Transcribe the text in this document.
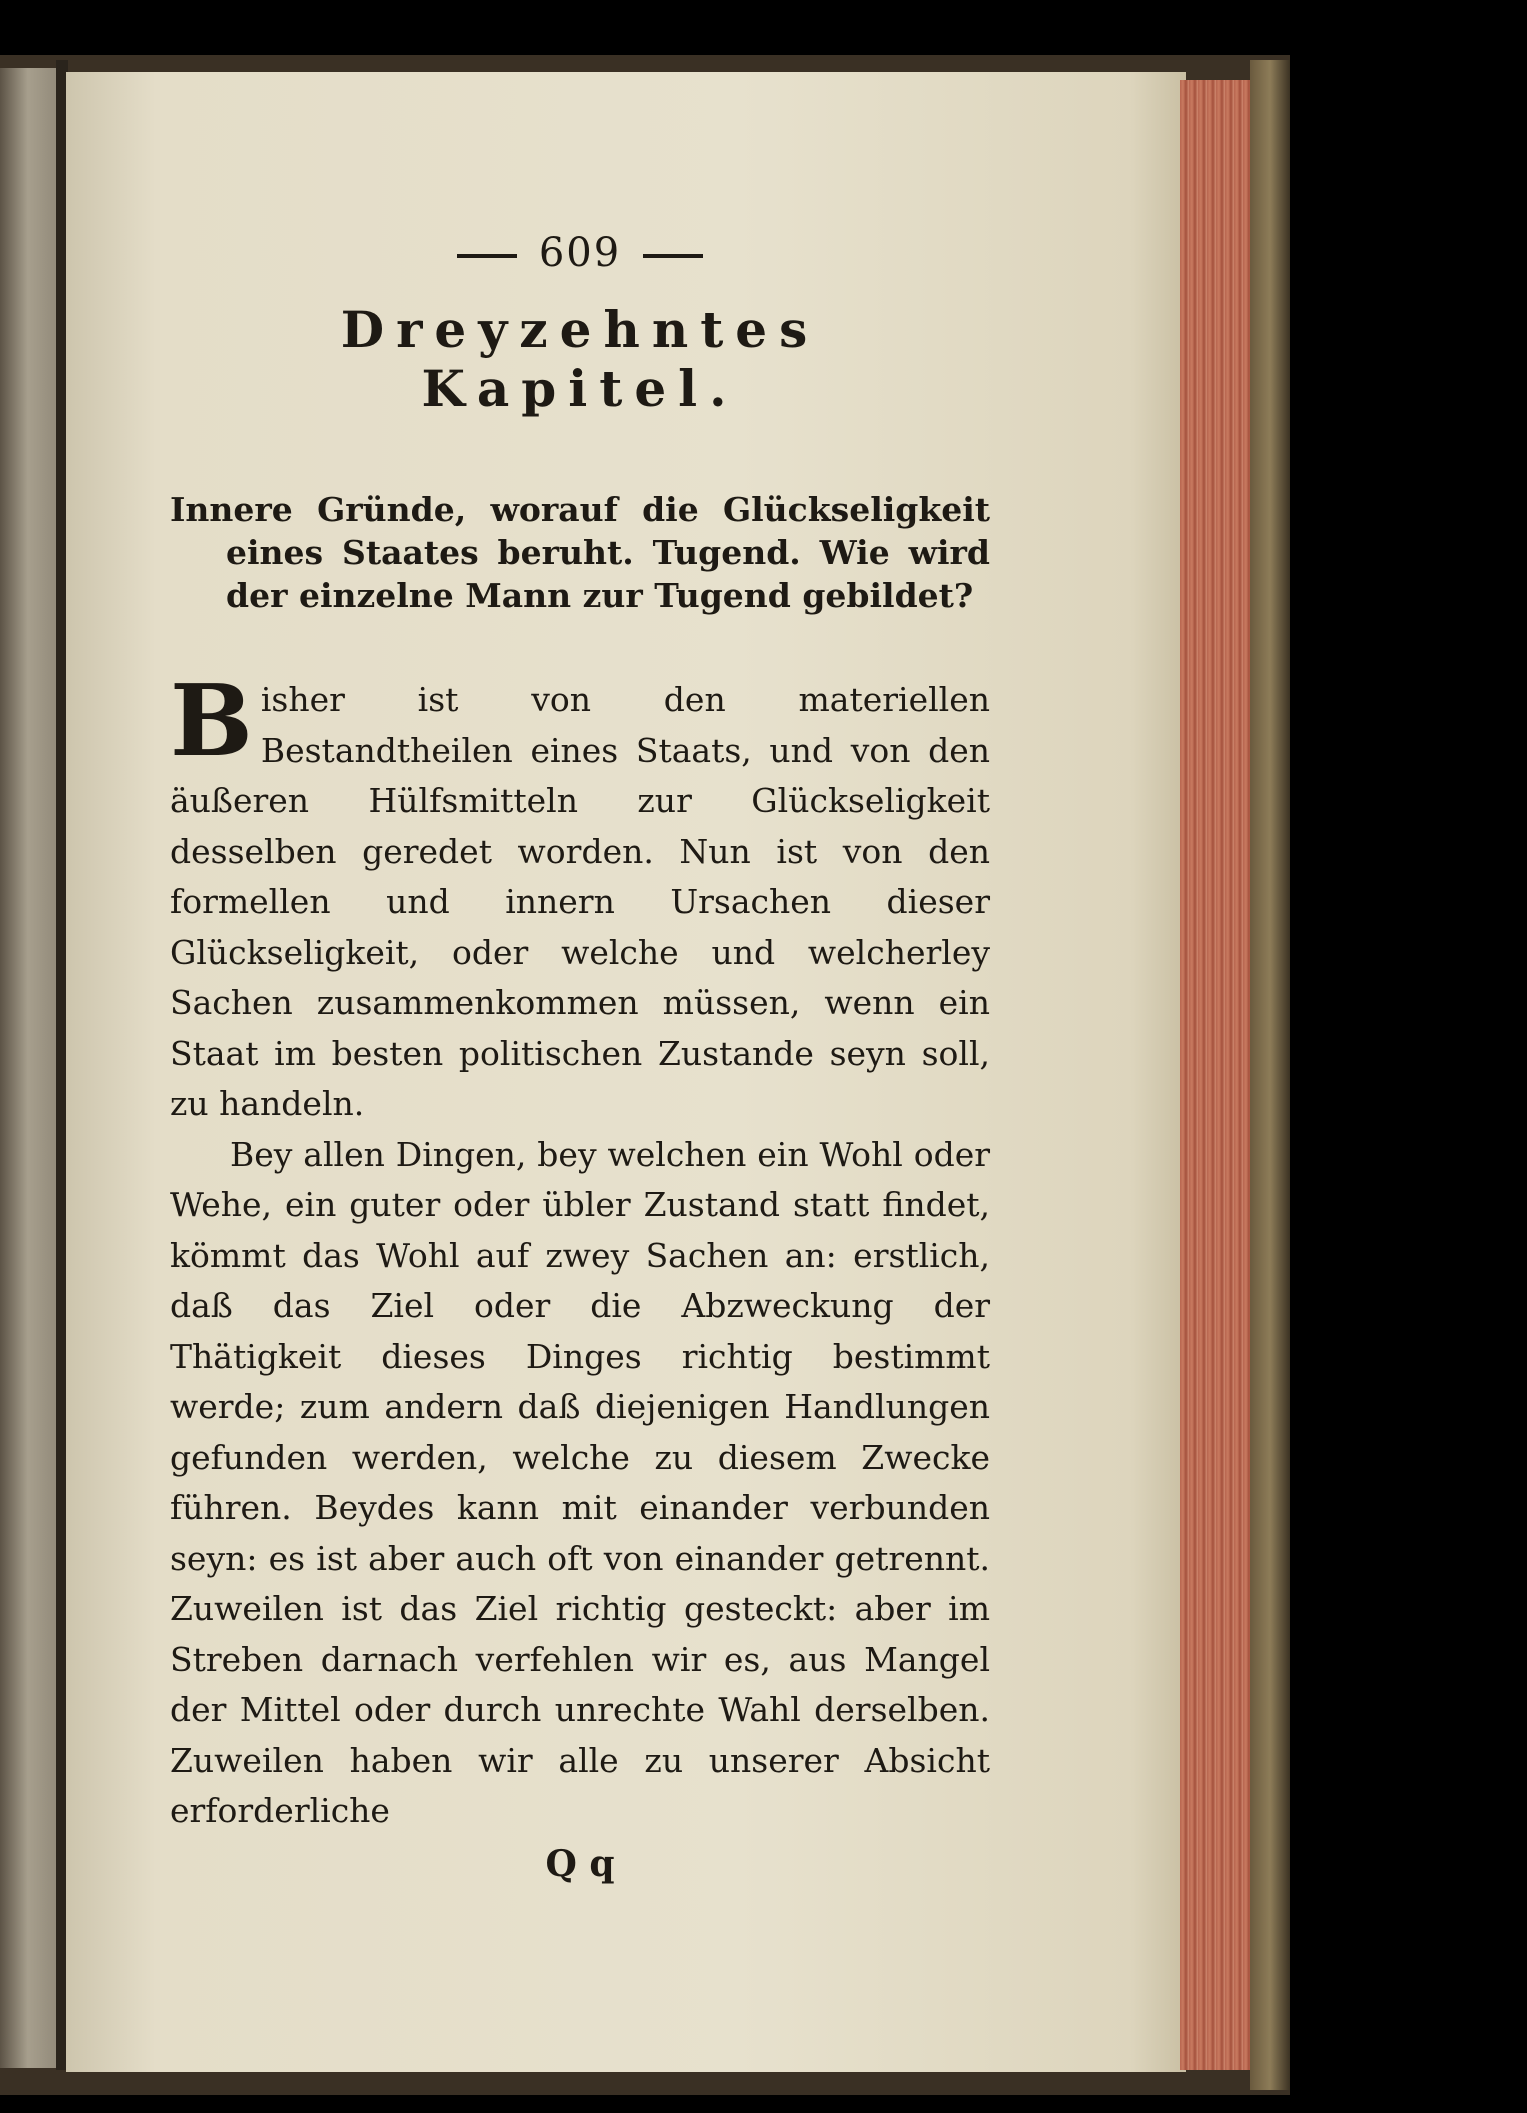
609
Dreyzehntes Kapitel.
Innere Gründe, worauf die Glückseligkeit eines Staates beruht. Tugend. Wie wird der einzelne Mann zur Tugend gebildet?
Bisher ist von den materiellen Bestandtheilen eines Staats, und von den äußeren Hülfsmitteln zur Glückseligkeit desselben geredet worden. Nun ist von den formellen und innern Ursachen dieser Glückseligkeit, oder welche und welcherley Sachen zusammenkommen müssen, wenn ein Staat im besten politischen Zustande seyn soll, zu handeln.
Bey allen Dingen, bey welchen ein Wohl oder Wehe, ein guter oder übler Zustand statt findet, kömmt das Wohl auf zwey Sachen an: erstlich, daß das Ziel oder die Abzweckung der Thätigkeit dieses Dinges richtig bestimmt werde; zum andern daß diejenigen Handlungen gefunden werden, welche zu diesem Zwecke führen. Beydes kann mit einander verbunden seyn: es ist aber auch oft von einander getrennt. Zuweilen ist das Ziel richtig gesteckt: aber im Streben darnach verfehlen wir es, aus Mangel der Mittel oder durch unrechte Wahl derselben. Zuweilen haben wir alle zu unserer Absicht erforderliche
Q q
